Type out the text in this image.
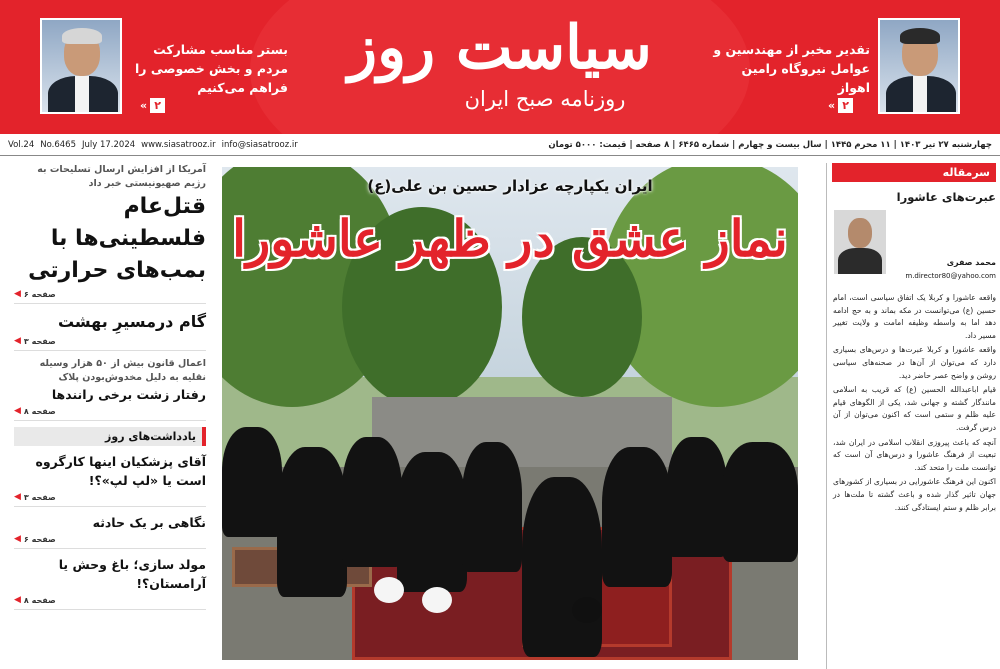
سیاست روز
روزنامه صبح ایران
بستر مناسب مشارکت مردم و بخش خصوصی را فراهم می‌کنیم
« ۲
تقدیر مخبر از مهندسین و عوامل نیروگاه رامین اهواز
« ۲
Vol.24 No.6465 July 17.2024 www.siasatrooz.ir info@siasatrooz.ir	چهارشنبه ۲۷ تیر ۱۴۰۳ | ۱۱ محرم ۱۴۴۵ | سال بیست و چهارم | شماره ۶۴۶۵ | ۸ صفحه | قیمت: ۵۰۰۰ تومان
آمریکا از افزایش ارسال تسلیحات به رژیم صهیونیستی خبر داد
قتل‌عام فلسطینی‌ها با بمب‌های حرارتی
◀ صفحه ۶
گام درمسیرِ بهشت
◀ صفحه ۳
اعمال قانون بیش از ۵۰ هزار وسیله نقلیه به دلیل مخدوش‌بودن پلاک
رفتار زشت برخی رانندها
◀ صفحه ۸
یادداشت‌های روز
آقای پزشکیان اینها کارگروه است یا «لپ لپ»؟!
◀ صفحه ۳
نگاهی بر یک حادثه
◀ صفحه ۶
مولد سازی؛ باغ وحش یا آرامستان؟!
◀ صفحه ۸
ایران یکپارچه عزادار حسین بن علی(ع)
نماز عشق در ظهر عاشورا
سرمقاله
عبرت‌های عاشورا
محمد صفری
m.director80@yahoo.com

واقعه عاشورا و کربلا یک اتفاق سیاسی است، امام حسین (ع) می‌توانست در مکه بماند و به حج ادامه دهد اما به واسطه وظیفه امامت و ولایت تغییر مسیر داد.

واقعه عاشورا و کربلا عبرت‌ها و درس‌های بسیاری دارد که می‌توان از آن‌ها در صحنه‌های سیاسی روشن و واضح عصر حاضر دید.

قیام اباعبدالله الحسین (ع) که قریب به اسلامی مانندگار گشته و جهانی شد، یکی از الگوهای قیام علیه ظلم و ستمی است که اکنون می‌توان از آن درس گرفت.

آنچه که باعث پیروزی انقلاب اسلامی در ایران شد، تبعیت از فرهنگ عاشورا و درس‌های آن است که توانست ملت را متحد کند.

اکنون این فرهنگ عاشورایی در بسیاری از کشورهای جهان تاثیر گذار شده و باعث گشته تا ملت‌ها در برابر ظلم و ستم ایستادگی کنند.
